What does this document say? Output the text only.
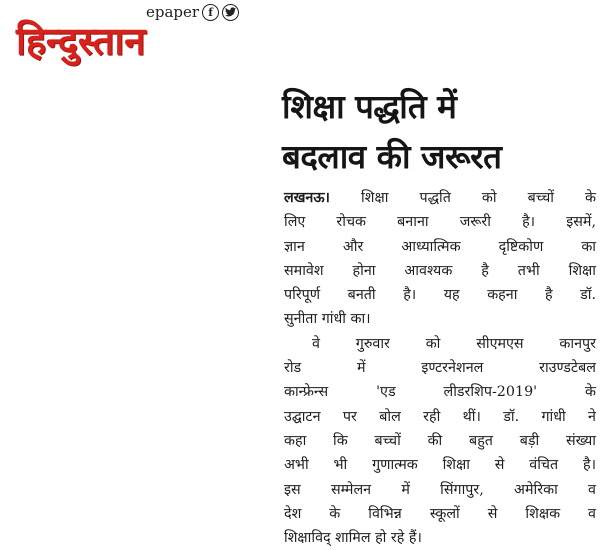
epaper f
हिन्दुस्तान
शिक्षा पद्धति में
बदलाव की जरूरत
लखनऊ। शिक्षा पद्धति को बच्चों के
लिए रोचक बनाना जरूरी है। इसमें,
ज्ञान और आध्यात्मिक दृष्टिकोण का
समावेश होना आवश्यक है तभी शिक्षा
परिपूर्ण बनती है। यह कहना है डॉ.
सुनीता गांधी का।
वे गुरुवार को सीएमएस कानपुर
रोड में इण्टरनेशनल राउण्डटेबल
कान्फ्रेन्स 'एड लीडरशिप-2019' के
उद्घाटन पर बोल रही थीं। डॉ. गांधी ने
कहा कि बच्चों की बहुत बड़ी संख्या
अभी भी गुणात्मक शिक्षा से वंचित है।
इस सम्मेलन में सिंगापुर, अमेरिका व
देश के विभिन्न स्कूलों से शिक्षक व
शिक्षाविद् शामिल हो रहे हैं।
